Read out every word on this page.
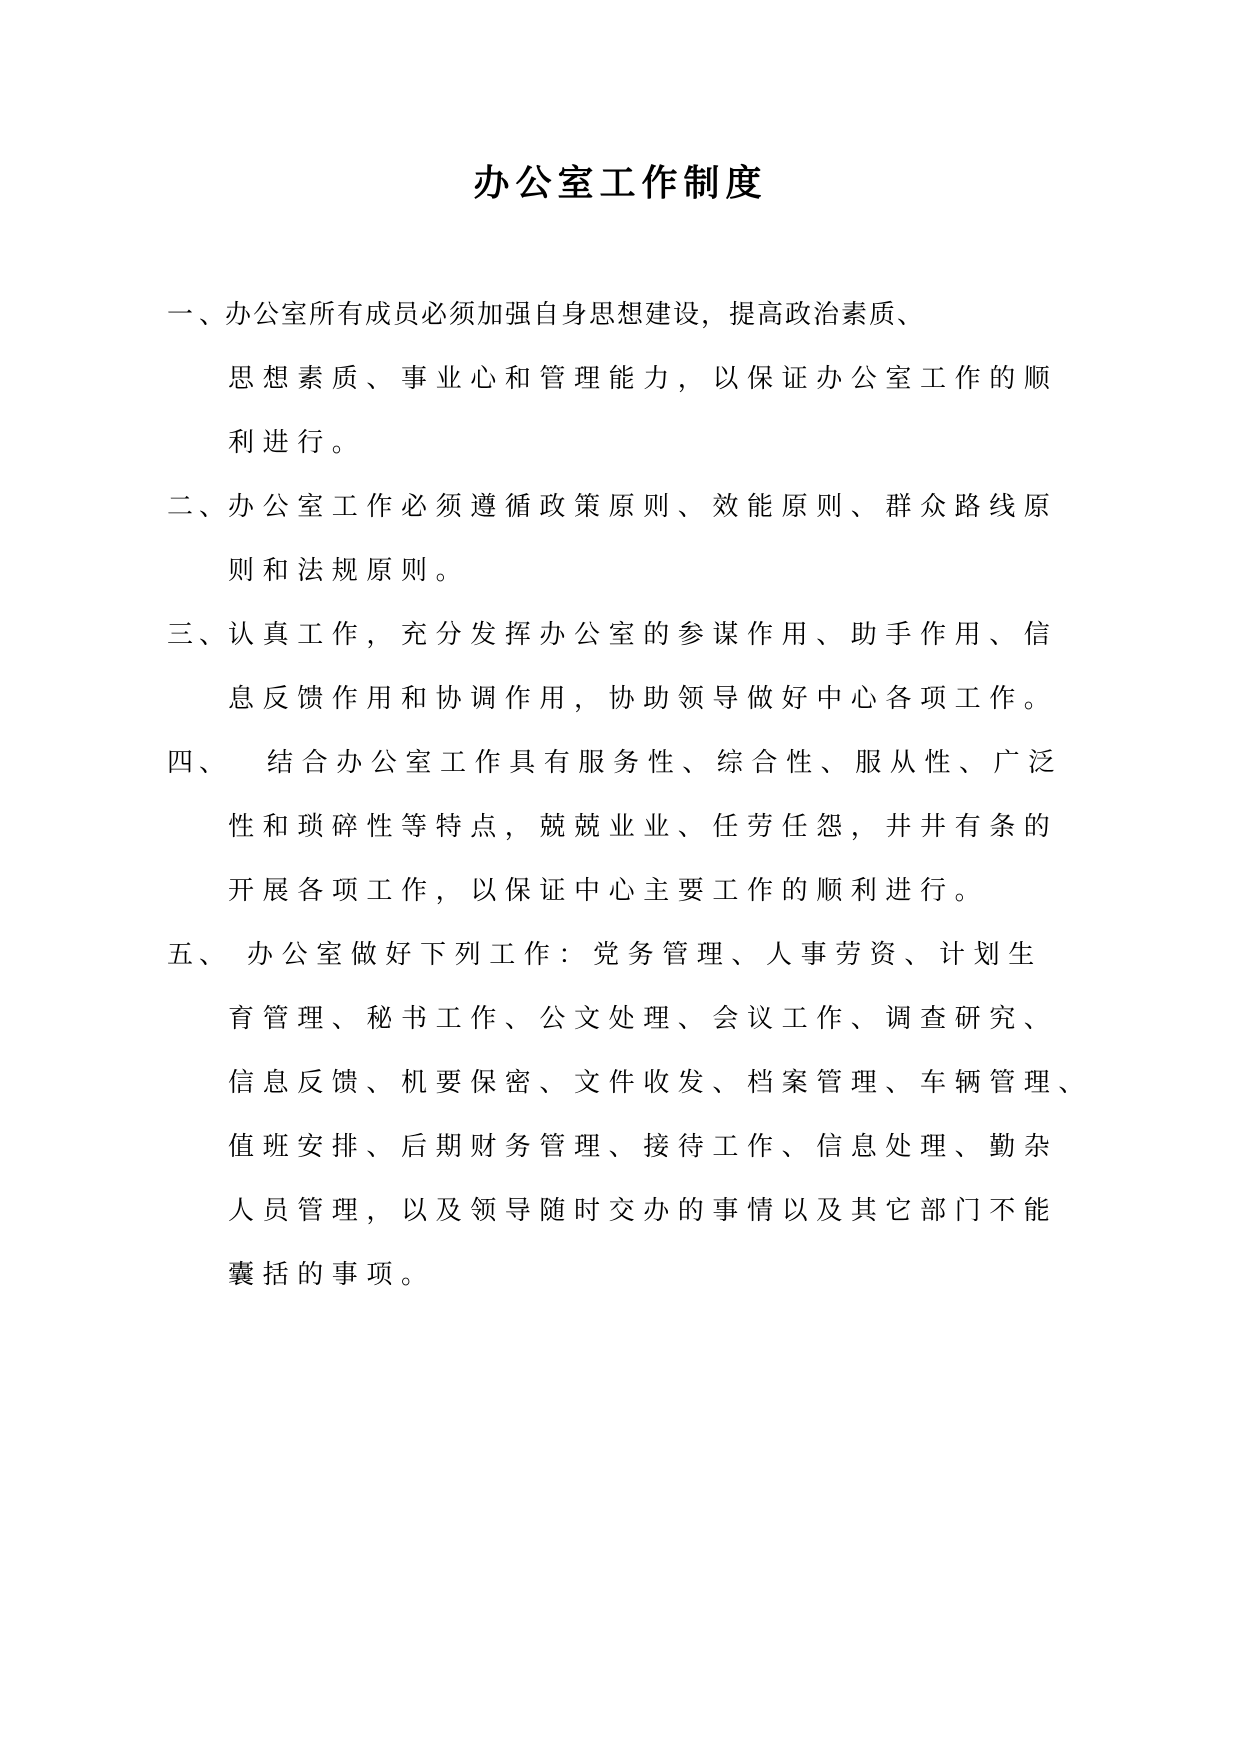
办公室工作制度
一、
办公室所有成员必须加强自身思想建设，提高政治素质、
思想素质、事业心和管理能力，以保证办公室工作的顺
利进行。
二、
办公室工作必须遵循政策原则、效能原则、群众路线原
则和法规原则。
三、
认真工作，充分发挥办公室的参谋作用、助手作用、信
息反馈作用和协调作用，协助领导做好中心各项工作。
四、 结合办公室工作具有服务性、综合性、服从性、广泛
性和琐碎性等特点，兢兢业业、任劳任怨，井井有条的
开展各项工作，以保证中心主要工作的顺利进行。
五、 办公室做好下列工作：党务管理、人事劳资、计划生
育管理、秘书工作、公文处理、会议工作、调查研究、
信息反馈、机要保密、文件收发、档案管理、车辆管理、
值班安排、后期财务管理、接待工作、信息处理、勤杂
人员管理，以及领导随时交办的事情以及其它部门不能
囊括的事项。
